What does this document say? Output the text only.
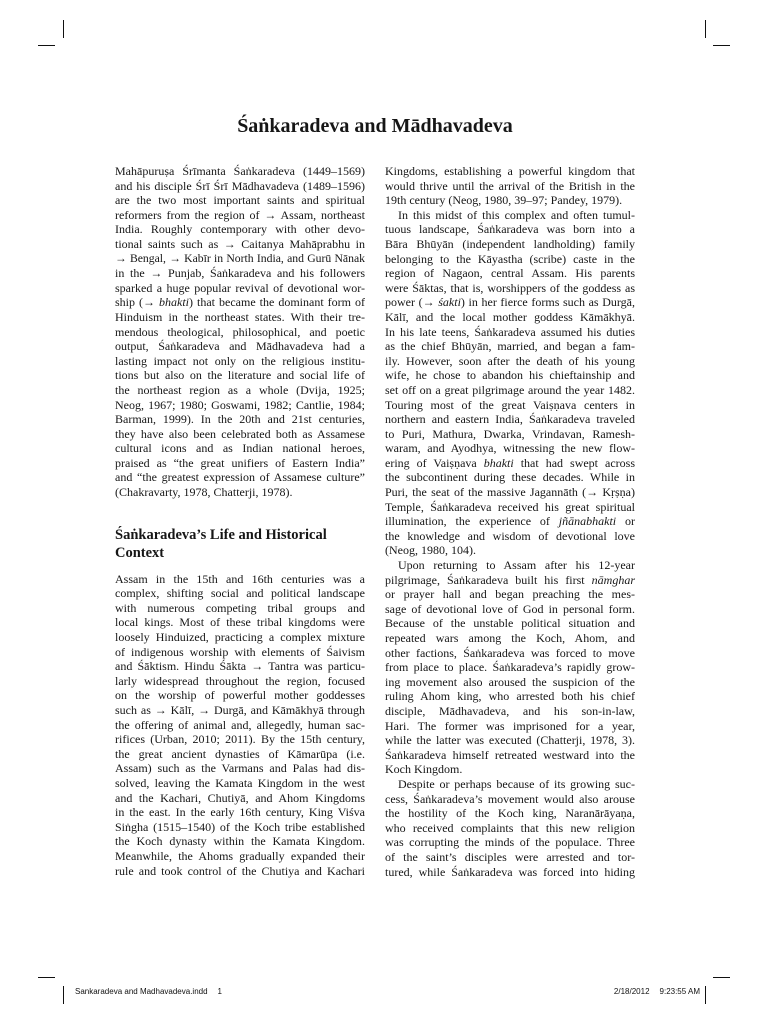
Śaṅkaradeva and Mādhavadeva
Mahāpuruṣa Śrīmanta Śaṅkaradeva (1449–1569)
and his disciple Śrī Śrī Mādhavadeva (1489–1596)
are the two most important saints and spiritual
reformers from the region of → Assam, northeast
India. Roughly contemporary with other devo-
tional saints such as → Caitanya Mahāprabhu in
→ Bengal, → Kabīr in North India, and Gurū Nānak
in the → Punjab, Śaṅkaradeva and his followers
sparked a huge popular revival of devotional wor-
ship (→ bhakti) that became the dominant form of
Hinduism in the northeast states. With their tre-
mendous theological, philosophical, and poetic
output, Śaṅkaradeva and Mādhavadeva had a
lasting impact not only on the religious institu-
tions but also on the literature and social life of
the northeast region as a whole (Dvija, 1925;
Neog, 1967; 1980; Goswami, 1982; Cantlie, 1984;
Barman, 1999). In the 20th and 21st centuries,
they have also been celebrated both as Assamese
cultural icons and as Indian national heroes,
praised as “the great unifiers of Eastern India”
and “the greatest expression of Assamese culture”
(Chakravarty, 1978, Chatterji, 1978).
Śaṅkaradeva’s Life and Historical
Context
Assam in the 15th and 16th centuries was a
complex, shifting social and political landscape
with numerous competing tribal groups and
local kings. Most of these tribal kingdoms were
loosely Hinduized, practicing a complex mixture
of indigenous worship with elements of Śaivism
and Śāktism. Hindu Śākta → Tantra was particu-
larly widespread throughout the region, focused
on the worship of powerful mother goddesses
such as → Kālī, → Durgā, and Kāmākhyā through
the offering of animal and, allegedly, human sac-
rifices (Urban, 2010; 2011). By the 15th century,
the great ancient dynasties of Kāmarūpa (i.e.
Assam) such as the Varmans and Palas had dis-
solved, leaving the Kamata Kingdom in the west
and the Kachari, Chutiyā, and Ahom Kingdoms
in the east. In the early 16th century, King Viśva
Siṅgha (1515–1540) of the Koch tribe established
the Koch dynasty within the Kamata Kingdom.
Meanwhile, the Ahoms gradually expanded their
rule and took control of the Chutiya and Kachari
Kingdoms, establishing a powerful kingdom that
would thrive until the arrival of the British in the
19th century (Neog, 1980, 39–97; Pandey, 1979).
In this midst of this complex and often tumul-
tuous landscape, Śaṅkaradeva was born into a
Bāra Bhūyān (independent landholding) family
belonging to the Kāyastha (scribe) caste in the
region of Nagaon, central Assam. His parents
were Śāktas, that is, worshippers of the goddess as
power (→ śakti) in her fierce forms such as Durgā,
Kālī, and the local mother goddess Kāmākhyā.
In his late teens, Śaṅkaradeva assumed his duties
as the chief Bhūyān, married, and began a fam-
ily. However, soon after the death of his young
wife, he chose to abandon his chieftainship and
set off on a great pilgrimage around the year 1482.
Touring most of the great Vaiṣṇava centers in
northern and eastern India, Śaṅkaradeva traveled
to Puri, Mathura, Dwarka, Vrindavan, Ramesh-
waram, and Ayodhya, witnessing the new flow-
ering of Vaiṣṇava bhakti that had swept across
the subcontinent during these decades. While in
Puri, the seat of the massive Jagannāth (→ Kṛṣṇa)
Temple, Śaṅkaradeva received his great spiritual
illumination, the experience of jñānabhakti or
the knowledge and wisdom of devotional love
(Neog, 1980, 104).
Upon returning to Assam after his 12-year
pilgrimage, Śaṅkaradeva built his first nāmghar
or prayer hall and began preaching the mes-
sage of devotional love of God in personal form.
Because of the unstable political situation and
repeated wars among the Koch, Ahom, and
other factions, Śaṅkaradeva was forced to move
from place to place. Śaṅkaradeva’s rapidly grow-
ing movement also aroused the suspicion of the
ruling Ahom king, who arrested both his chief
disciple, Mādhavadeva, and his son-in-law,
Hari. The former was imprisoned for a year,
while the latter was executed (Chatterji, 1978, 3).
Śaṅkaradeva himself retreated westward into the
Koch Kingdom.
Despite or perhaps because of its growing suc-
cess, Śaṅkaradeva’s movement would also arouse
the hostility of the Koch king, Naranārāyaṇa,
who received complaints that this new religion
was corrupting the minds of the populace. Three
of the saint’s disciples were arrested and tor-
tured, while Śaṅkaradeva was forced into hiding
Sankaradeva and Madhavadeva.indd 1	2/18/2012 9:23:55 AM
